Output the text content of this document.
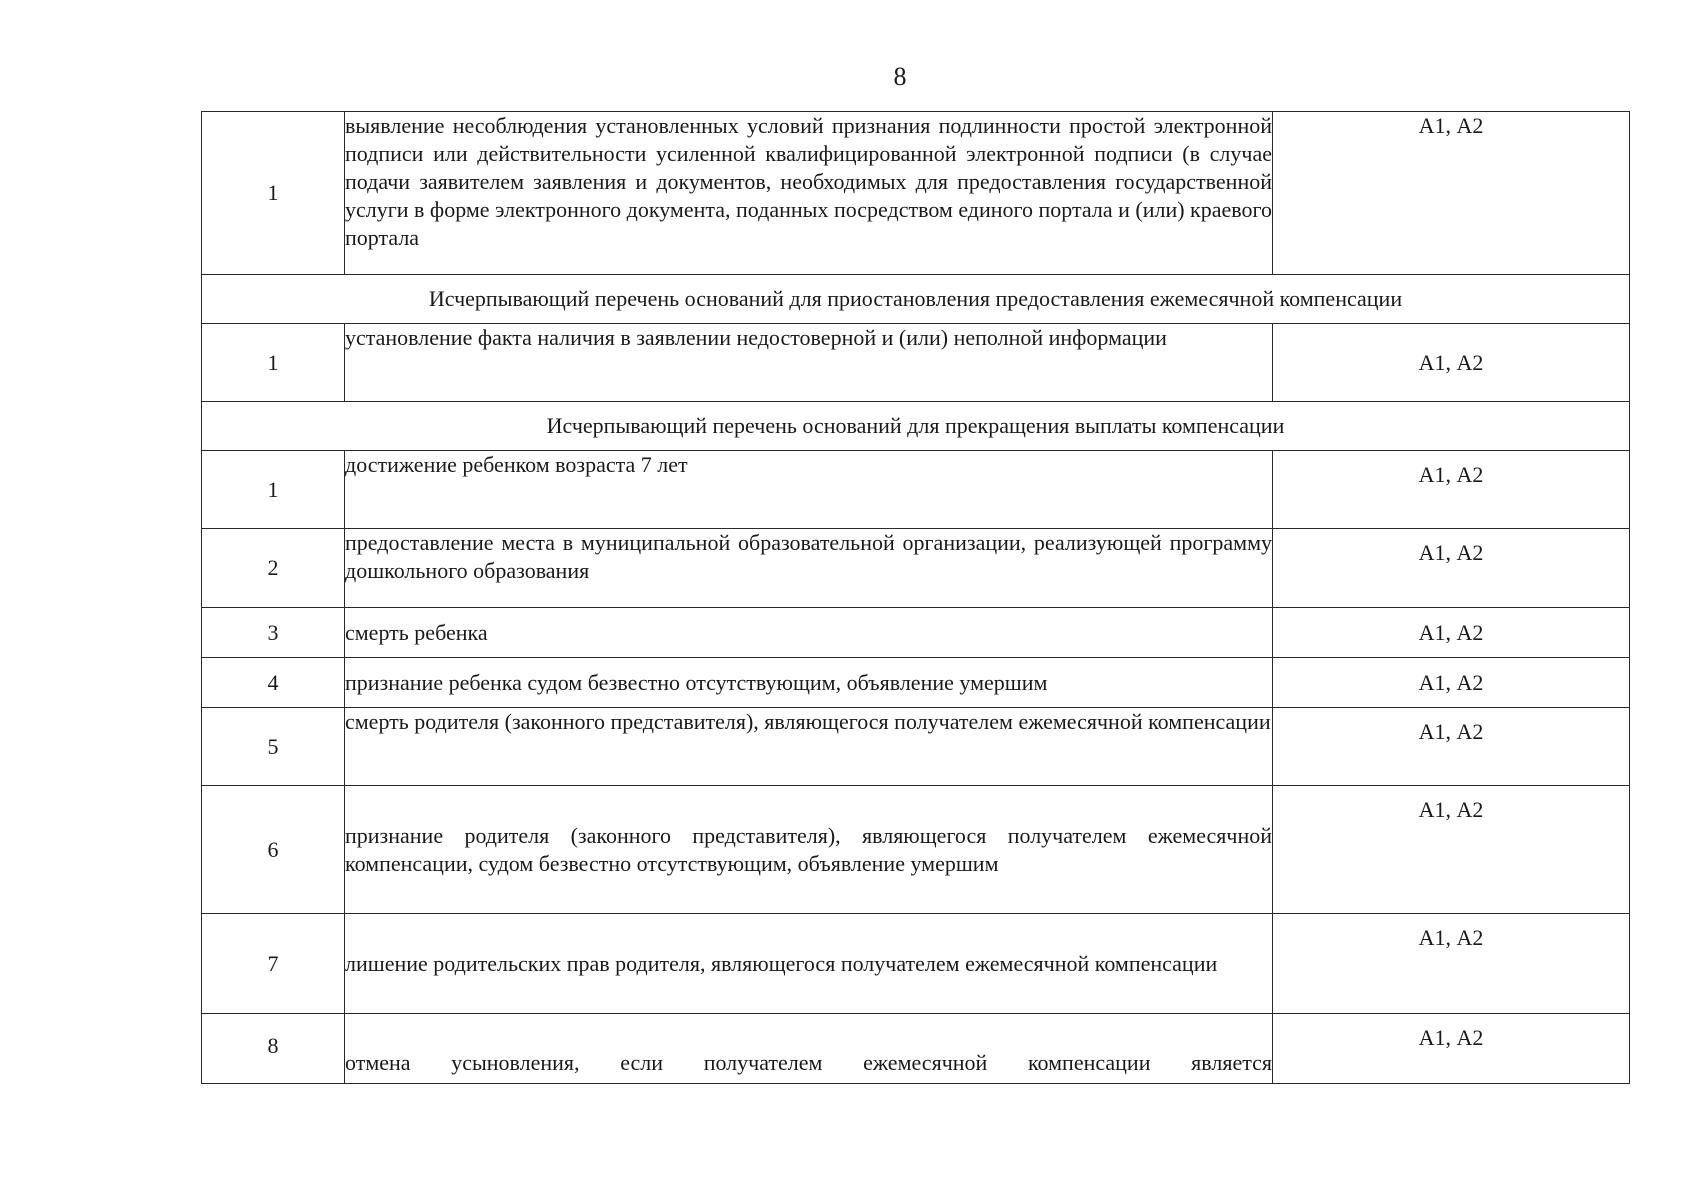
8
1	выявление несоблюдения установленных условий признания подлинности простой электронной подписи или действительности усиленной квалифицированной электронной подписи (в случае подачи заявителем заявления и документов, необходимых для предоставления государственной услуги в форме электронного документа, поданных посредством единого портала и (или) краевого портала	А1, А2
Исчерпывающий перечень оснований для приостановления предоставления ежемесячной компенсации		
1	установление факта наличия в заявлении недостоверной и (или) неполной информации	А1, А2
Исчерпывающий перечень оснований для прекращения выплаты компенсации		
1	достижение ребенком возраста 7 лет	А1, А2
2	предоставление места в муниципальной образовательной организации, реализующей программу дошкольного образования	А1, А2
3	смерть ребенка	А1, А2
4	признание ребенка судом безвестно отсутствующим, объявление умершим	А1, А2
5	смерть родителя (законного представителя), являющегося получателем ежемесячной компенсации	А1, А2
6	признание родителя (законного представителя), являющегося получателем ежемесячной компенсации, судом безвестно отсутствующим, объявление умершим	А1, А2
7	лишение родительских прав родителя, являющегося получателем ежемесячной компенсации	А1, А2
8	отмена усыновления, если получателем ежемесячной компенсации является	А1, А2
